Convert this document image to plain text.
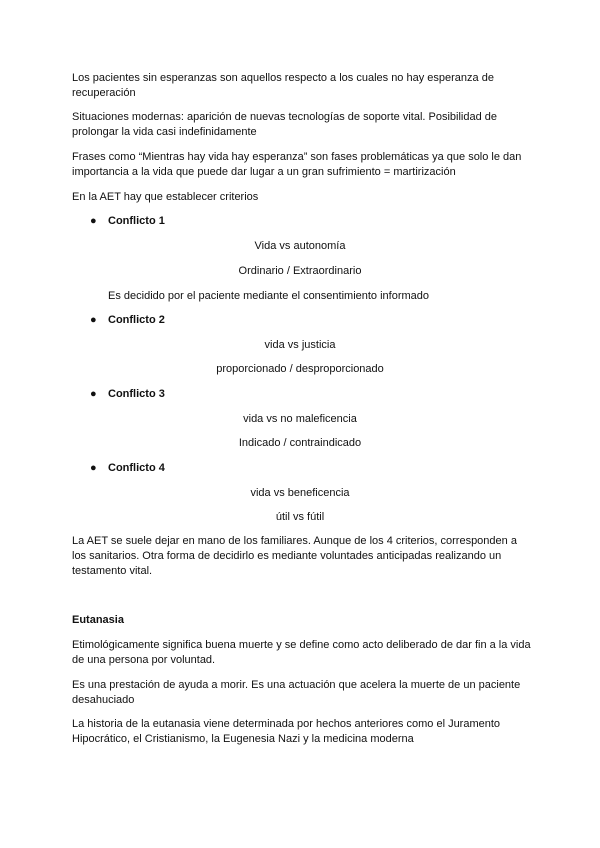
Los pacientes sin esperanzas son aquellos respecto a los cuales no hay esperanza de recuperación

Situaciones modernas: aparición de nuevas tecnologías de soporte vital. Posibilidad de prolongar la vida casi indefinidamente

Frases como “Mientras hay vida hay esperanza” son fases problemáticas ya que solo le dan importancia a la vida que puede dar lugar a un gran sufrimiento = martirización

En la AET hay que establecer criterios

● Conflicto 1

Vida vs autonomía

Ordinario / Extraordinario

Es decidido por el paciente mediante el consentimiento informado

● Conflicto 2

vida vs justicia

proporcionado / desproporcionado

● Conflicto 3

vida vs no maleficencia

Indicado / contraindicado

● Conflicto 4

vida vs beneficencia

útil vs fútil

La AET se suele dejar en mano de los familiares. Aunque de los 4 criterios, corresponden a los sanitarios. Otra forma de decidirlo es mediante voluntades anticipadas realizando un testamento vital.

Eutanasia

Etimológicamente significa buena muerte y se define como acto deliberado de dar fin a la vida de una persona por voluntad.

Es una prestación de ayuda a morir. Es una actuación que acelera la muerte de un paciente desahuciado

La historia de la eutanasia viene determinada por hechos anteriores como el Juramento Hipocrático, el Cristianismo, la Eugenesia Nazi y la medicina moderna
